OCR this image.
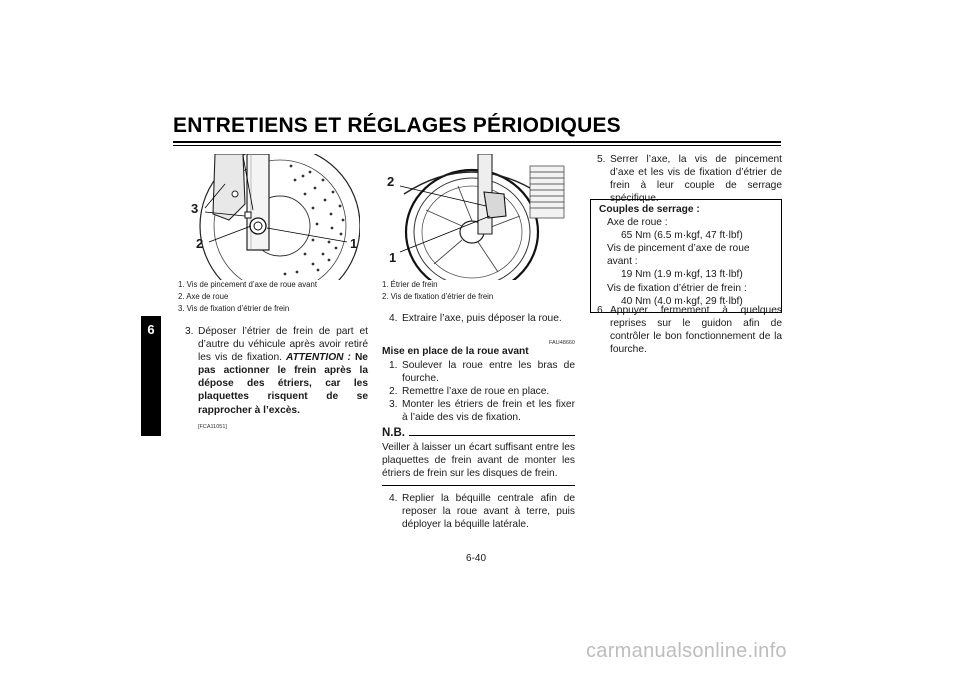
ENTRETIENS ET RÉGLAGES PÉRIODIQUES
6
3
2	1
1. Vis de pincement d’axe de roue avant
2. Axe de roue
3. Vis de fixation d’étrier de frein
3. Déposer l’étrier de frein de part et d’autre du véhicule après avoir retiré les vis de fixation. ATTENTION : Ne pas actionner le frein après la dépose des étriers, car les plaquettes risquent de se rapprocher à l’excès.
[FCA11051]
2
1
1. Étrier de frein
2. Vis de fixation d’étrier de frein
4. Extraire l’axe, puis déposer la roue.
FAU48660
Mise en place de la roue avant
1. Soulever la roue entre les bras de fourche.
2. Remettre l’axe de roue en place.
3. Monter les étriers de frein et les fixer à l’aide des vis de fixation.
N.B.
Veiller à laisser un écart suffisant entre les plaquettes de frein avant de monter les étriers de frein sur les disques de frein.
4. Replier la béquille centrale afin de reposer la roue avant à terre, puis déployer la béquille latérale.
5. Serrer l’axe, la vis de pincement d’axe et les vis de fixation d’étrier de frein à leur couple de serrage spécifique.
Couples de serrage :
Axe de roue :
65 Nm (6.5 m·kgf, 47 ft·lbf)
Vis de pincement d’axe de roue avant :
19 Nm (1.9 m·kgf, 13 ft·lbf)
Vis de fixation d’étrier de frein :
40 Nm (4.0 m·kgf, 29 ft·lbf)
6. Appuyer fermement à quelques reprises sur le guidon afin de contrôler le bon fonctionnement de la fourche.
6-40
carmanualsonline.info
